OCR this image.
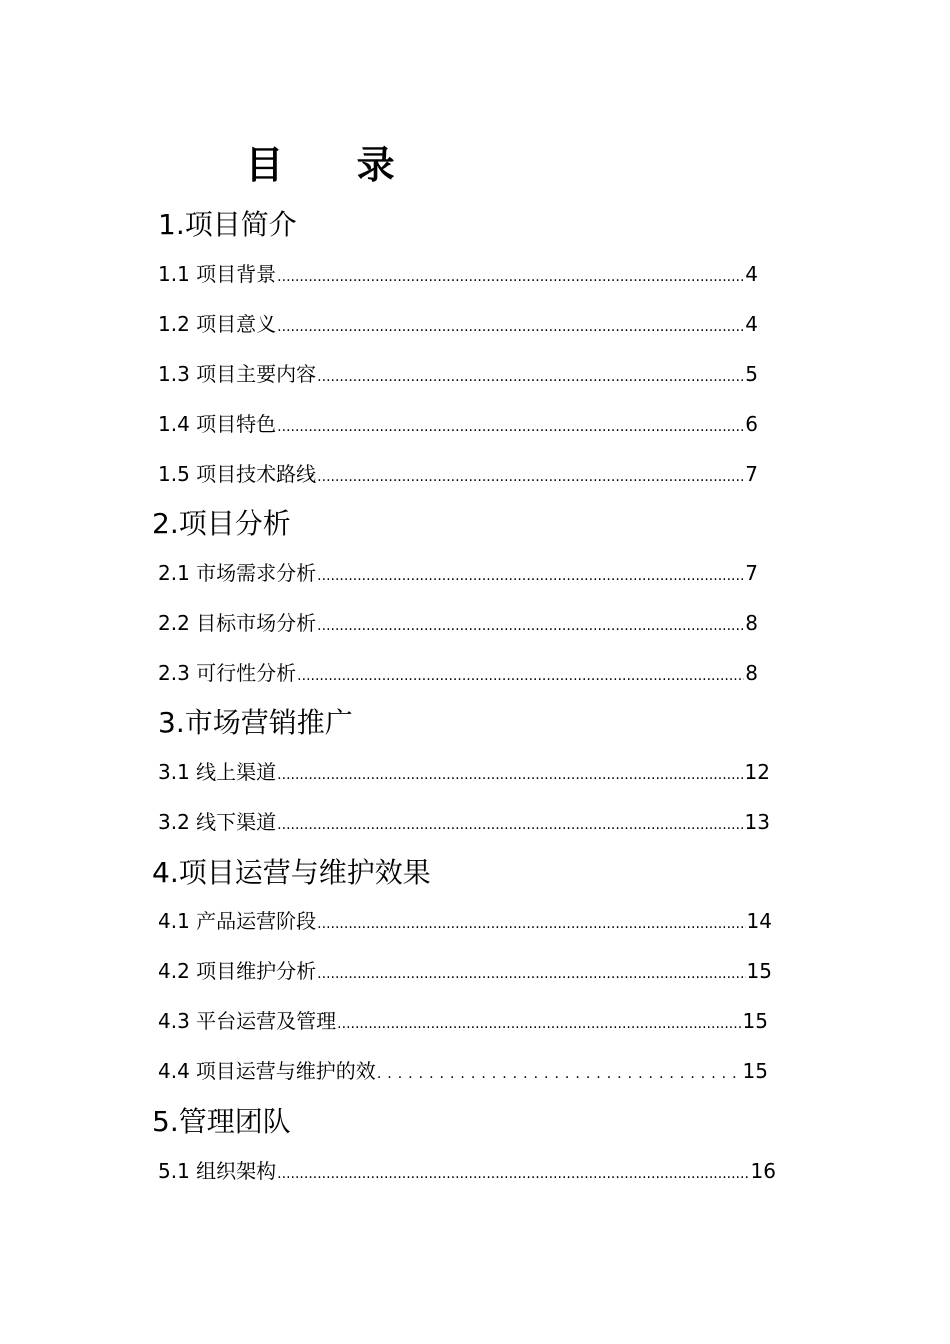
目 录
1.项目简介
1.1 项目背景 .....	4
1.2 项目意义 .....	4
1.3 项目主要内容 .....	5
1.4 项目特色 .....	6
1.5 项目技术路线 .....	7
2.项目分析
2.1 市场需求分析 .....	7
2.2 目标市场分析 .....	8
2.3 可行性分析 .....	8
3.市场营销推广
3.1 线上渠道 .....	12
3.2 线下渠道 .....	13
4.项目运营与维护效果
4.1 产品运营阶段 .....	14
4.2 项目维护分析 .....	15
4.3 平台运营及管理 .....	15
4.4 项目运营与维护的效 .....	15
5.管理团队
5.1 组织架构 .....	16
